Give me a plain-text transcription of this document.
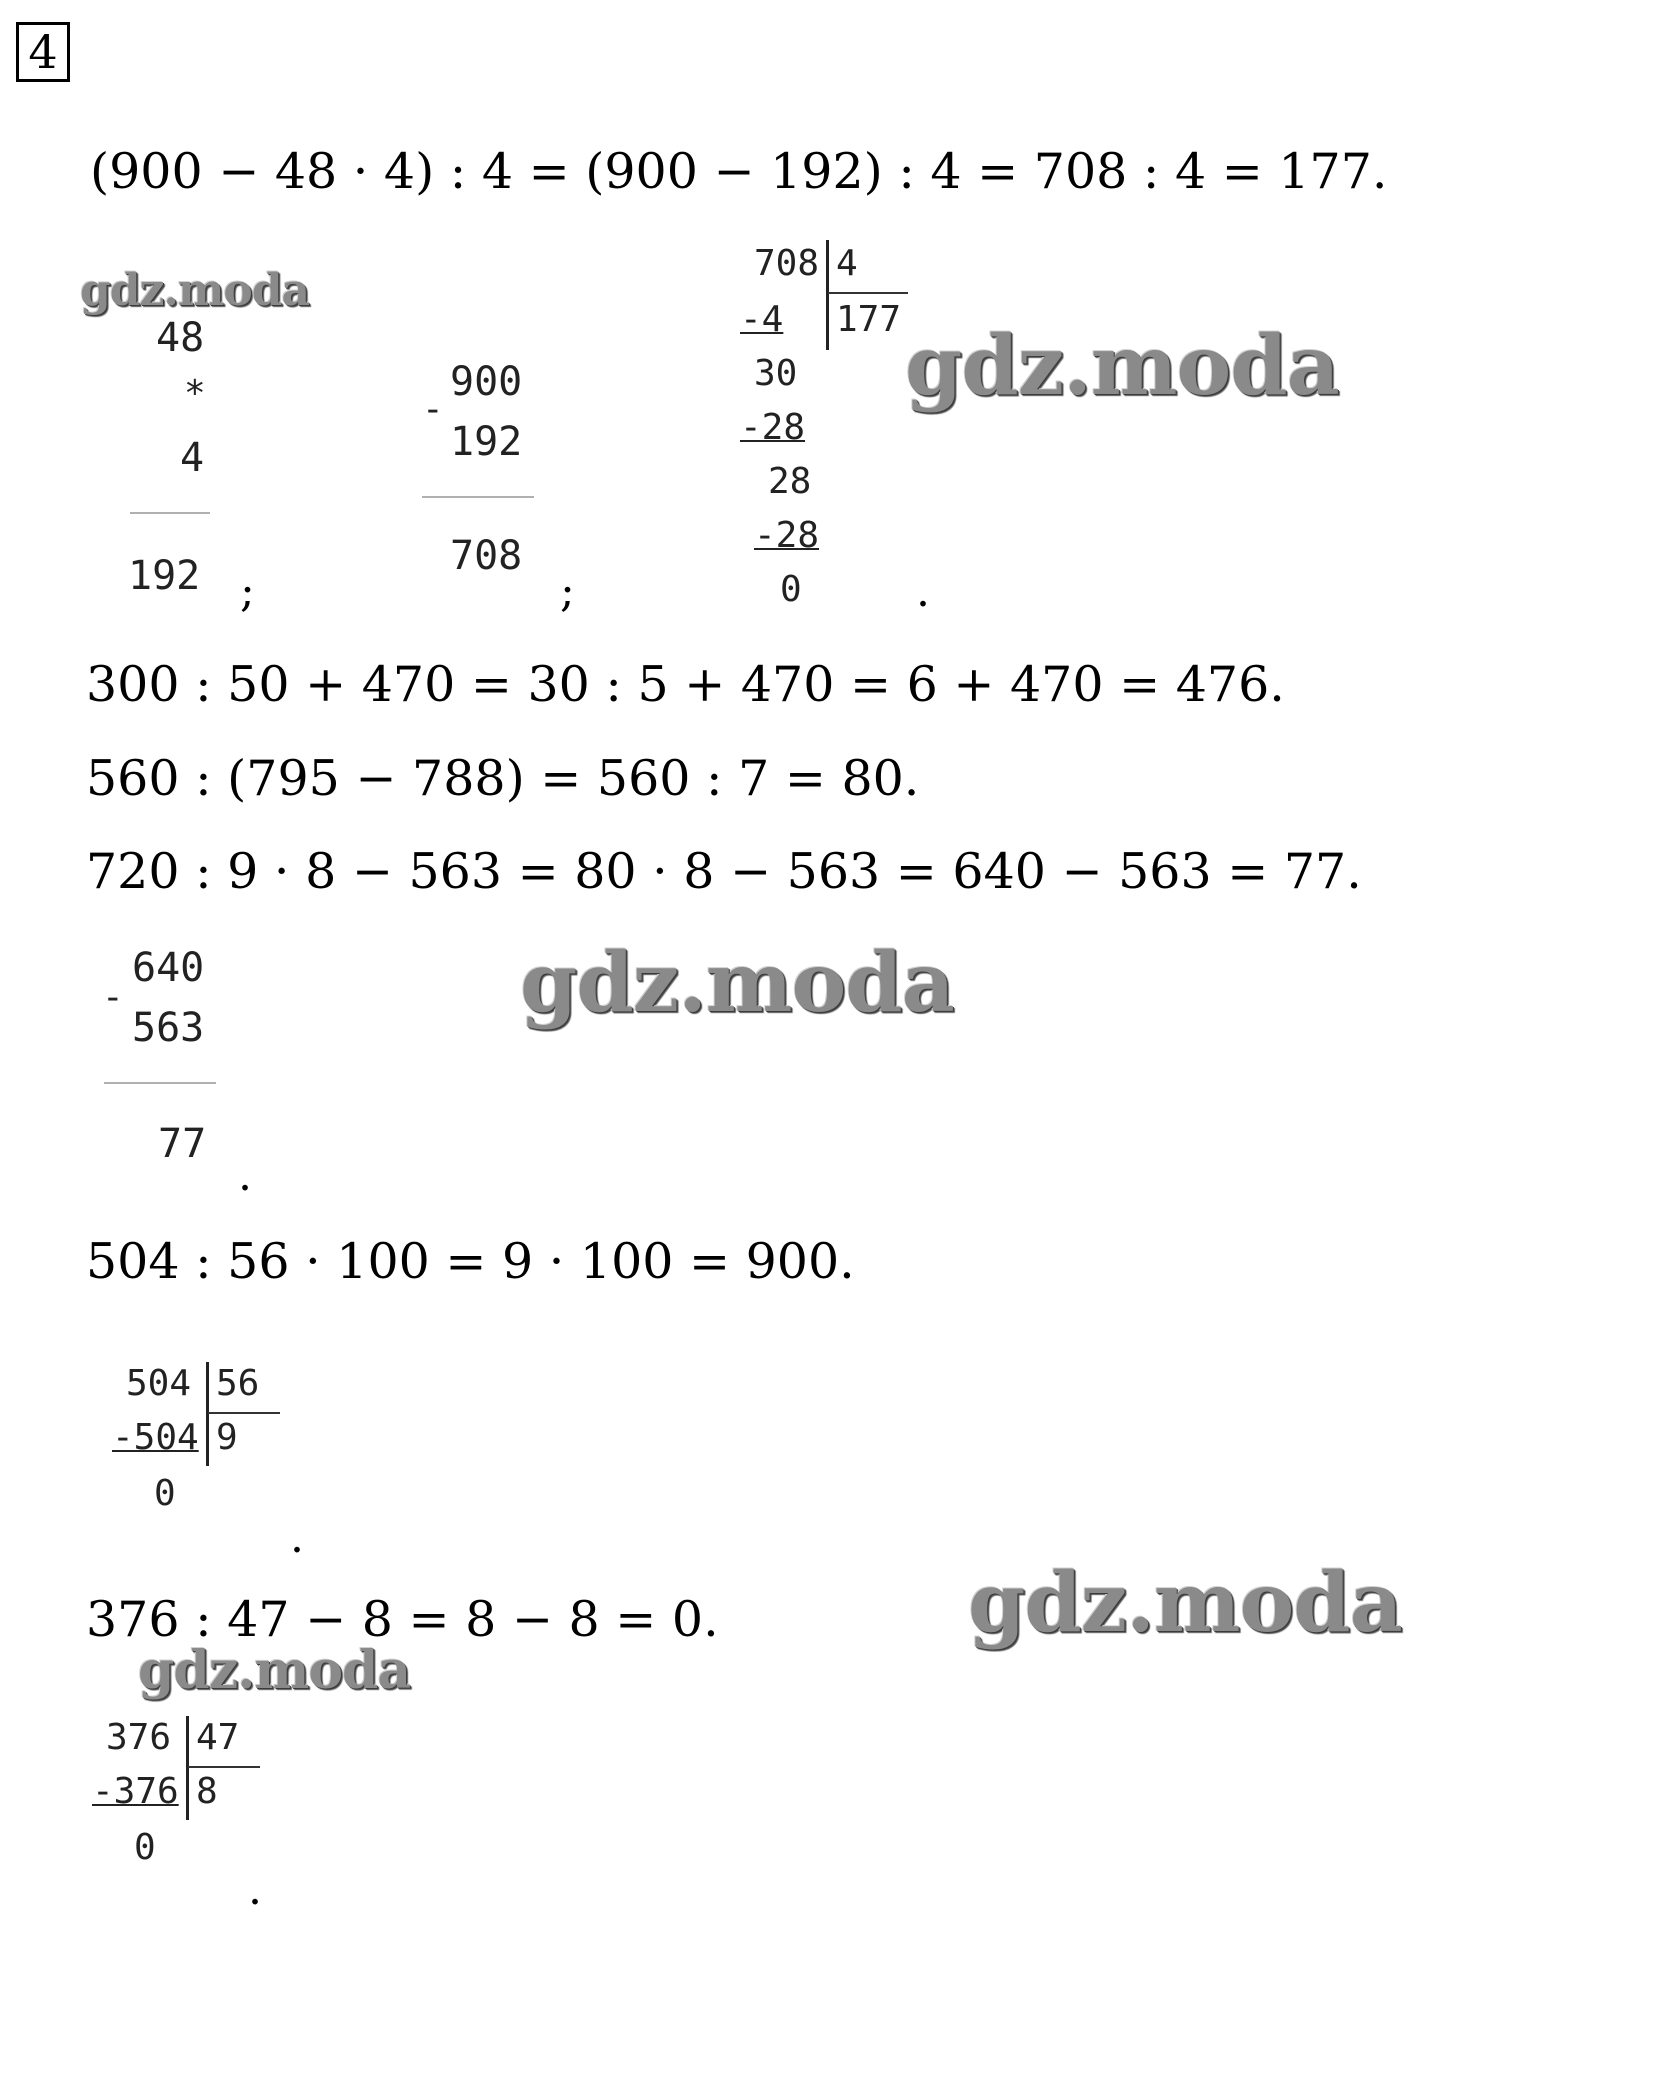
4
(900 − 48 · 4) : 4 = (900 − 192) : 4 = 708 : 4 = 177.
gdz.moda
gdz.moda
gdz.moda
gdz.moda
gdz.moda
48
*
4
192 ;
-
900
192
708
;
708 4
177
-4
30
-28
28
-28
0	.
300 : 50 + 470 = 30 : 5 + 470 = 6 + 470 = 476.
560 : (795 − 788) = 560 : 7 = 80.
720 : 9 · 8 − 563 = 80 · 8 − 563 = 640 − 563 = 77.
-
640
563
77
.
504 : 56 · 100 = 9 · 100 = 900.
504 56
9
-504
0
.
376 : 47 − 8 = 8 − 8 = 0.
376 47
8
-376
0
.
